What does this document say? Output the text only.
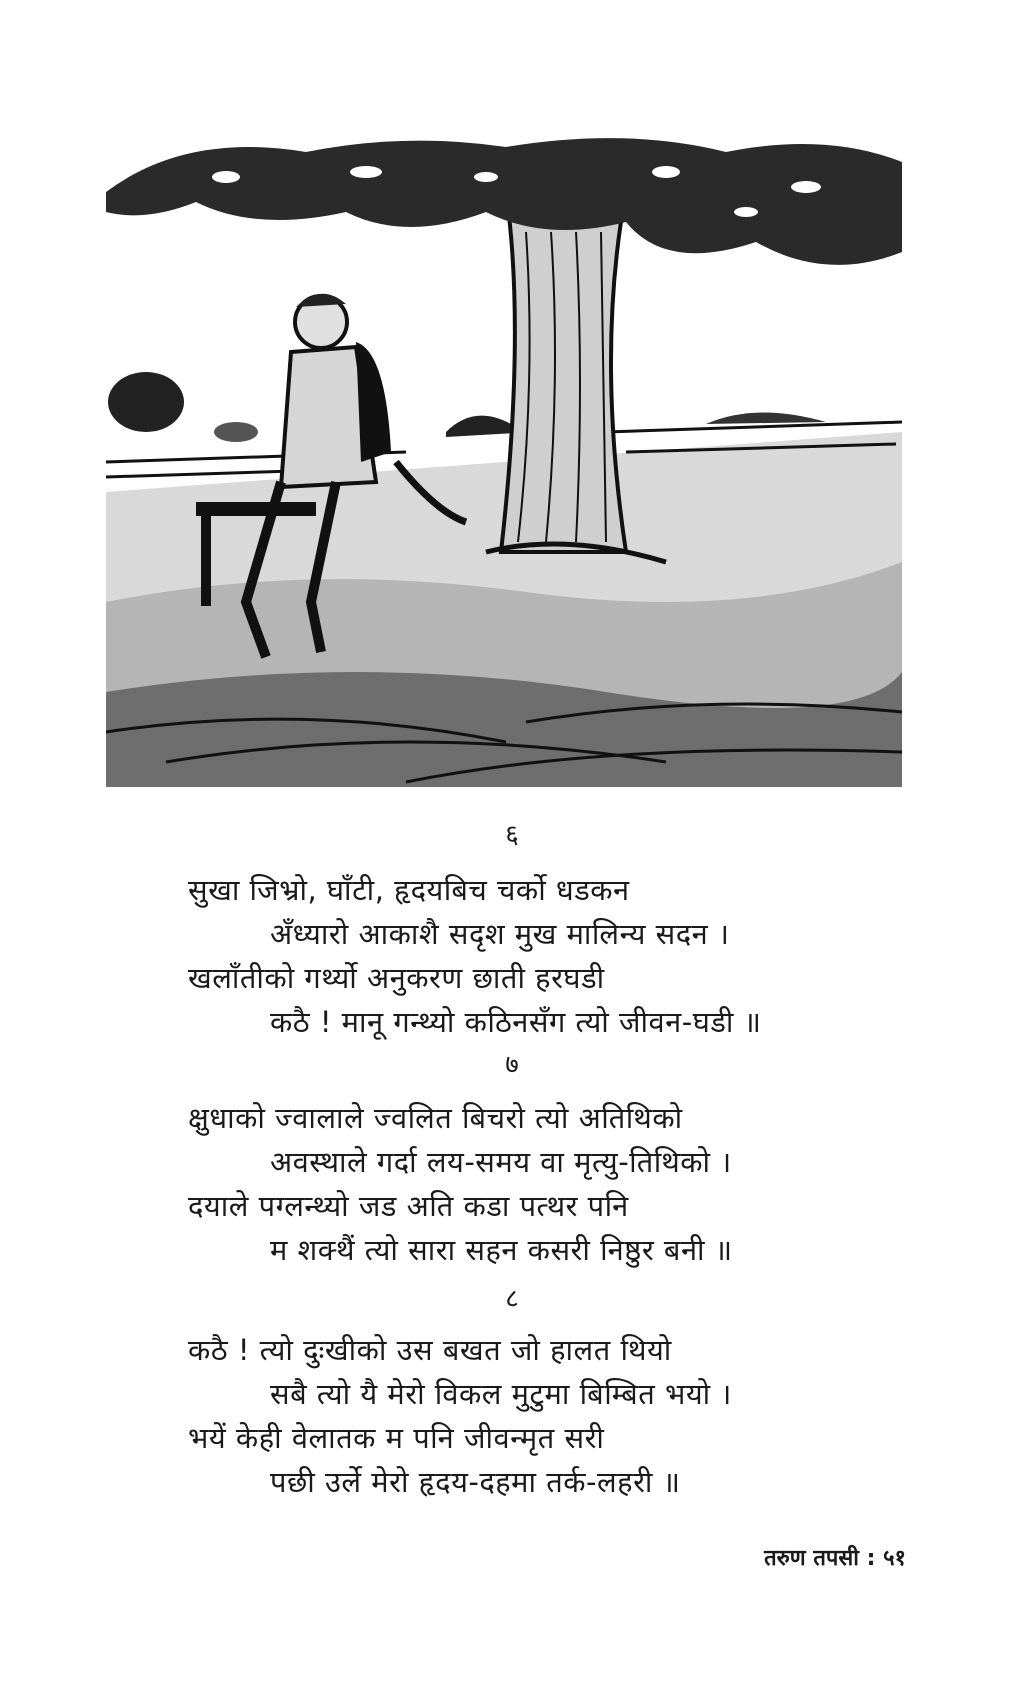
६
सुखा जिभ्रो, घाँटी, हृदयबिच चर्को धडकन
अँध्यारो आकाशै सदृश मुख मालिन्य सदन ।
खलाँतीको गर्थ्यो अनुकरण छाती हरघडी
कठै ! मानू गन्थ्यो कठिनसँग त्यो जीवन-घडी ॥
७
क्षुधाको ज्वालाले ज्वलित बिचरो त्यो अतिथिको
अवस्थाले गर्दा लय-समय वा मृत्यु-तिथिको ।
दयाले पग्लन्थ्यो जड अति कडा पत्थर पनि
म शक्थैं त्यो सारा सहन कसरी निष्ठुर बनी ॥
८
कठै ! त्यो दुःखीको उस बखत जो हालत थियो
सबै त्यो यै मेरो विकल मुटुमा बिम्बित भयो ।
भयें केही वेलातक म पनि जीवन्मृत सरी
पछी उर्ले मेरो हृदय-दहमा तर्क-लहरी ॥
तरुण तपसी : ५१
